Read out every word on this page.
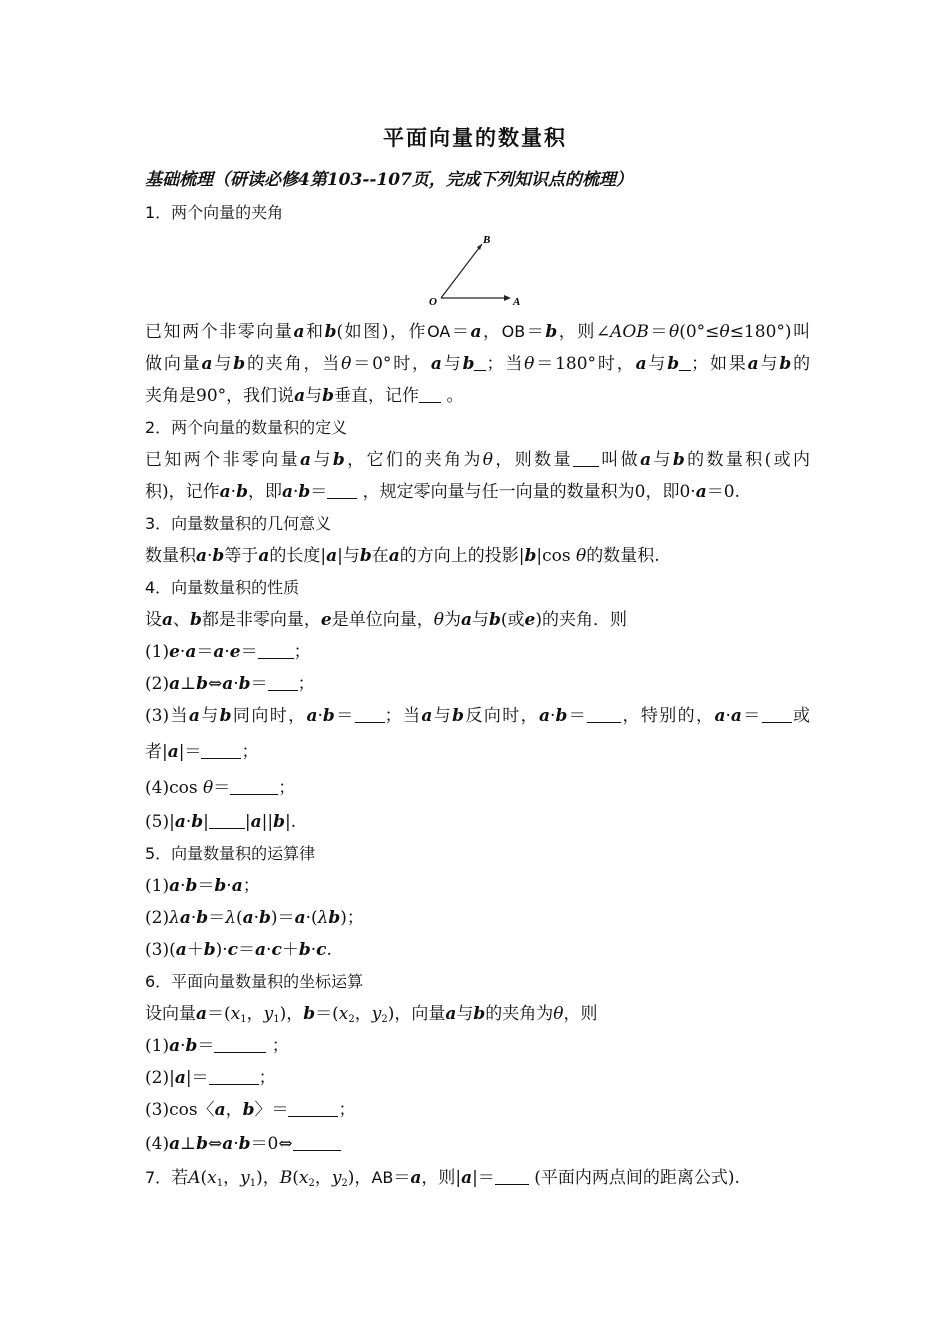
平面向量的数量积
基础梳理（研读必修4第103--107页，完成下列知识点的梳理）
1．两个向量的夹角
B
O	A
已知两个非零向量a和b(如图)，作OA＝a，OB＝b，则∠AOB＝θ(0°≤θ≤180°)叫
做向量a与b的夹角，当θ＝0°时，a与b ；当θ＝180°时，a与b ；如果a与b的
夹角是90°，我们说a与b垂直，记作 。
2．两个向量的数量积的定义
已知两个非零向量a与b，它们的夹角为θ，则数量 叫做a与b的数量积(或内
积)，记作a·b，即a·b＝ ，规定零向量与任一向量的数量积为0，即0·a＝0.
3．向量数量积的几何意义
数量积a·b等于a的长度|a|与b在a的方向上的投影|b|cos θ的数量积.
4．向量数量积的性质
设a、b都是非零向量，e是单位向量，θ为a与b(或e)的夹角．则
(1)e·a＝a·e＝ ；
(2)a⊥b⇔a·b＝ ；
(3)当a与b同向时，a·b＝ ；当a与b反向时，a·b＝ ，特别的，a·a＝ 或
者|a|＝ ；
(4)cos θ＝	；
(5)|a·b| |a||b|.
5．向量数量积的运算律
(1)a·b＝b·a；
(2)λa·b＝λ(a·b)＝a·(λb)；
(3)(a＋b)·c＝a·c＋b·c.
6．平面向量数量积的坐标运算
设向量$a=(x_1$，$y_1$)，$b=(x_2$，$y_2$)，向量a与b的夹角为θ，则
(1)a·b＝	；
(2)|a|＝	；
(3)cos〈a，b〉＝	；
(4)a⊥b⇔a·b＝0⇔
7．若$A(x_1$，$y_1$)，$B(x_2$，$y_2$)，AB＝a，则|a|＝ (平面内两点间的距离公式).
